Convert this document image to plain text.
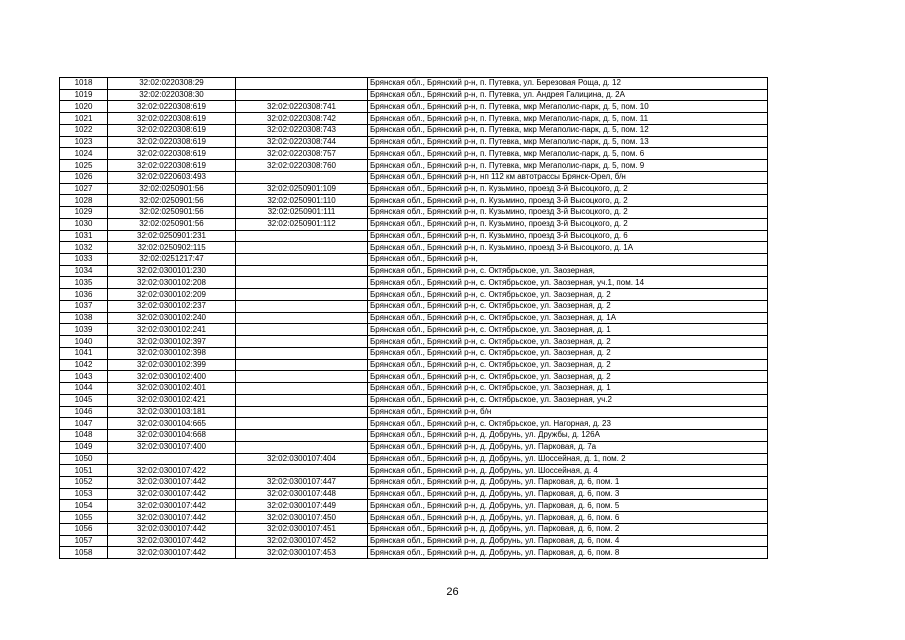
1018	32:02:0220308:29		Брянская обл., Брянский р-н, п. Путевка, ул. Березовая Роща, д. 12
1019	32:02:0220308:30		Брянская обл., Брянский р-н, п. Путевка, ул. Андрея Галицина, д. 2А
1020	32:02:0220308:619	32:02:0220308:741	Брянская обл., Брянский р-н, п. Путевка, мкр Мегаполис-парк, д. 5, пом. 10
1021	32:02:0220308:619	32:02:0220308:742	Брянская обл., Брянский р-н, п. Путевка, мкр Мегаполис-парк, д. 5, пом. 11
1022	32:02:0220308:619	32:02:0220308:743	Брянская обл., Брянский р-н, п. Путевка, мкр Мегаполис-парк, д. 5, пом. 12
1023	32:02:0220308:619	32:02:0220308:744	Брянская обл., Брянский р-н, п. Путевка, мкр Мегаполис-парк, д. 5, пом. 13
1024	32:02:0220308:619	32:02:0220308:757	Брянская обл., Брянский р-н, п. Путевка, мкр Мегаполис-парк, д. 5, пом. 6
1025	32:02:0220308:619	32:02:0220308:760	Брянская обл., Брянский р-н, п. Путевка, мкр Мегаполис-парк, д. 5, пом. 9
1026	32:02:0220603:493		Брянская обл., Брянский р-н, нп 112 км автотрассы Брянск-Орел, б/н
1027	32:02:0250901:56	32:02:0250901:109	Брянская обл., Брянский р-н, п. Кузьмино, проезд 3-й Высоцкого, д. 2
1028	32:02:0250901:56	32:02:0250901:110	Брянская обл., Брянский р-н, п. Кузьмино, проезд 3-й Высоцкого, д. 2
1029	32:02:0250901:56	32:02:0250901:111	Брянская обл., Брянский р-н, п. Кузьмино, проезд 3-й Высоцкого, д. 2
1030	32:02:0250901:56	32:02:0250901:112	Брянская обл., Брянский р-н, п. Кузьмино, проезд 3-й Высоцкого, д. 2
1031	32:02:0250901:231		Брянская обл., Брянский р-н, п. Кузьмино, проезд 3-й Высоцкого, д. 6
1032	32:02:0250902:115		Брянская обл., Брянский р-н, п. Кузьмино, проезд 3-й Высоцкого, д. 1А
1033	32:02:0251217:47		Брянская обл., Брянский р-н,
1034	32:02:0300101:230		Брянская обл., Брянский р-н, с. Октябрьское, ул. Заозерная,
1035	32:02:0300102:208		Брянская обл., Брянский р-н, с. Октябрьское, ул. Заозерная, уч.1, пом. 14
1036	32:02:0300102:209		Брянская обл., Брянский р-н, с. Октябрьское, ул. Заозерная, д. 2
1037	32:02:0300102:237		Брянская обл., Брянский р-н, с. Октябрьское, ул. Заозерная, д. 2
1038	32:02:0300102:240		Брянская обл., Брянский р-н, с. Октябрьское, ул. Заозерная, д. 1А
1039	32:02:0300102:241		Брянская обл., Брянский р-н, с. Октябрьское, ул. Заозерная, д. 1
1040	32:02:0300102:397		Брянская обл., Брянский р-н, с. Октябрьское, ул. Заозерная, д. 2
1041	32:02:0300102:398		Брянская обл., Брянский р-н, с. Октябрьское, ул. Заозерная, д. 2
1042	32:02:0300102:399		Брянская обл., Брянский р-н, с. Октябрьское, ул. Заозерная, д. 2
1043	32:02:0300102:400		Брянская обл., Брянский р-н, с. Октябрьское, ул. Заозерная, д. 2
1044	32:02:0300102:401		Брянская обл., Брянский р-н, с. Октябрьское, ул. Заозерная, д. 1
1045	32:02:0300102:421		Брянская обл., Брянский р-н, с. Октябрьское, ул. Заозерная, уч.2
1046	32:02:0300103:181		Брянская обл., Брянский р-н, б/н
1047	32:02:0300104:665		Брянская обл., Брянский р-н, с. Октябрьское, ул. Нагорная, д. 23
1048	32:02:0300104:668		Брянская обл., Брянский р-н, д. Добрунь, ул. Дружбы, д. 126А
1049	32:02:0300107:400		Брянская обл., Брянский р-н, д. Добрунь, ул. Парковая, д. 7а
1050		32:02:0300107:404	Брянская обл., Брянский р-н, д. Добрунь, ул. Шоссейная, д. 1, пом. 2
1051	32:02:0300107:422		Брянская обл., Брянский р-н, д. Добрунь, ул. Шоссейная, д. 4
1052	32:02:0300107:442	32:02:0300107:447	Брянская обл., Брянский р-н, д. Добрунь, ул. Парковая, д. 6, пом. 1
1053	32:02:0300107:442	32:02:0300107:448	Брянская обл., Брянский р-н, д. Добрунь, ул. Парковая, д. 6, пом. 3
1054	32:02:0300107:442	32:02:0300107:449	Брянская обл., Брянский р-н, д. Добрунь, ул. Парковая, д. 6, пом. 5
1055	32:02:0300107:442	32:02:0300107:450	Брянская обл., Брянский р-н, д. Добрунь, ул. Парковая, д. 6, пом. 6
1056	32:02:0300107:442	32:02:0300107:451	Брянская обл., Брянский р-н, д. Добрунь, ул. Парковая, д. 6, пом. 2
1057	32:02:0300107:442	32:02:0300107:452	Брянская обл., Брянский р-н, д. Добрунь, ул. Парковая, д. 6, пом. 4
1058	32:02:0300107:442	32:02:0300107:453	Брянская обл., Брянский р-н, д. Добрунь, ул. Парковая, д. 6, пом. 8
26
